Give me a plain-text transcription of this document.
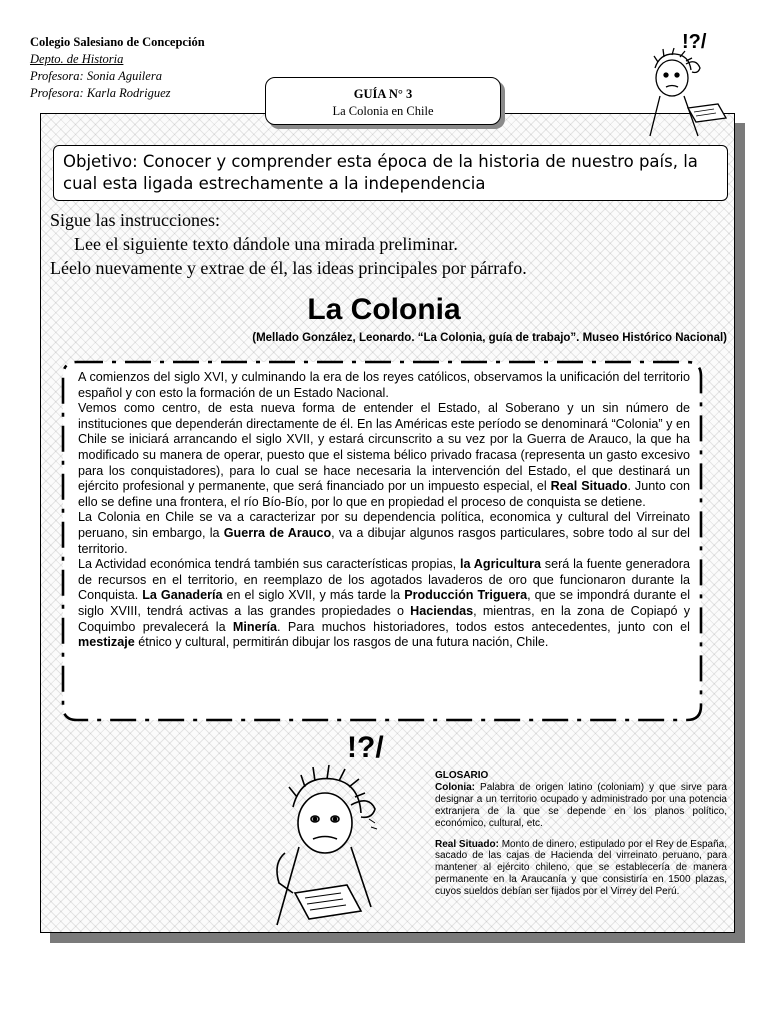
Colegio Salesiano de Concepción
Depto. de Historia
Profesora: Sonia Aguilera
Profesora: Karla Rodriguez	GUÍA N° 3
La Colonia en Chile
!?/
Objetivo: Conocer y comprender esta época de la historia de nuestro país, la cual esta ligada estrechamente a la independencia
Sigue las instrucciones:
Lee el siguiente texto dándole una mirada preliminar.
Léelo nuevamente y extrae de él, las ideas principales por párrafo.
La Colonia
(Mellado González, Leonardo. “La Colonia, guía de trabajo”. Museo Histórico Nacional)

A comienzos del siglo XVI, y culminando la era de los reyes católicos, observamos la unificación del territorio español y con esto la formación de un Estado Nacional.

Vemos como centro, de esta nueva forma de entender el Estado, al Soberano y un sin número de instituciones que dependerán directamente de él. En las Américas este período se denominará “Colonia” y en Chile se iniciará arrancando el siglo XVII, y estará circunscrito a su vez por la Guerra de Arauco, la que ha modificado su manera de operar, puesto que el sistema bélico privado fracasa (representa un gasto excesivo para los conquistadores), para lo cual se hace necesaria la intervención del Estado, el que destinará un ejército profesional y permanente, que será financiado por un impuesto especial, el Real Situado. Junto con ello se define una frontera, el río Bío-Bío, por lo que en propiedad el proceso de conquista se detiene.

La Colonia en Chile se va a caracterizar por su dependencia política, economica y cultural del Virreinato peruano, sin embargo, la Guerra de Arauco, va a dibujar algunos rasgos particulares, sobre todo al sur del territorio.

La Actividad económica tendrá también sus características propias, la Agricultura será la fuente generadora de recursos en el territorio, en reemplazo de los agotados lavaderos de oro que funcionaron durante la Conquista. La Ganadería en el siglo XVII, y más tarde la Producción Triguera, que se impondrá durante el siglo XVIII, tendrá activas a las grandes propiedades o Haciendas, mientras, en la zona de Copiapó y Coquimbo prevalecerá la Minería. Para muchos historiadores, todos estos antecedentes, junto con el mestizaje étnico y cultural, permitirán dibujar los rasgos de una futura nación, Chile.

!?/
GLOSARIO

Colonia: Palabra de origen latino (coloniam) y que sirve para designar a un territorio ocupado y administrado por una potencia extranjera de la que se depende en los planos político, económico, cultural, etc.

Real Situado: Monto de dinero, estipulado por el Rey de España, sacado de las cajas de Hacienda del virreinato peruano, para mantener al ejército chileno, que se establecería de manera permanente en la Araucanía y que consistiría en 1500 plazas, cuyos sueldos debían ser fijados por el Virrey del Perú.
